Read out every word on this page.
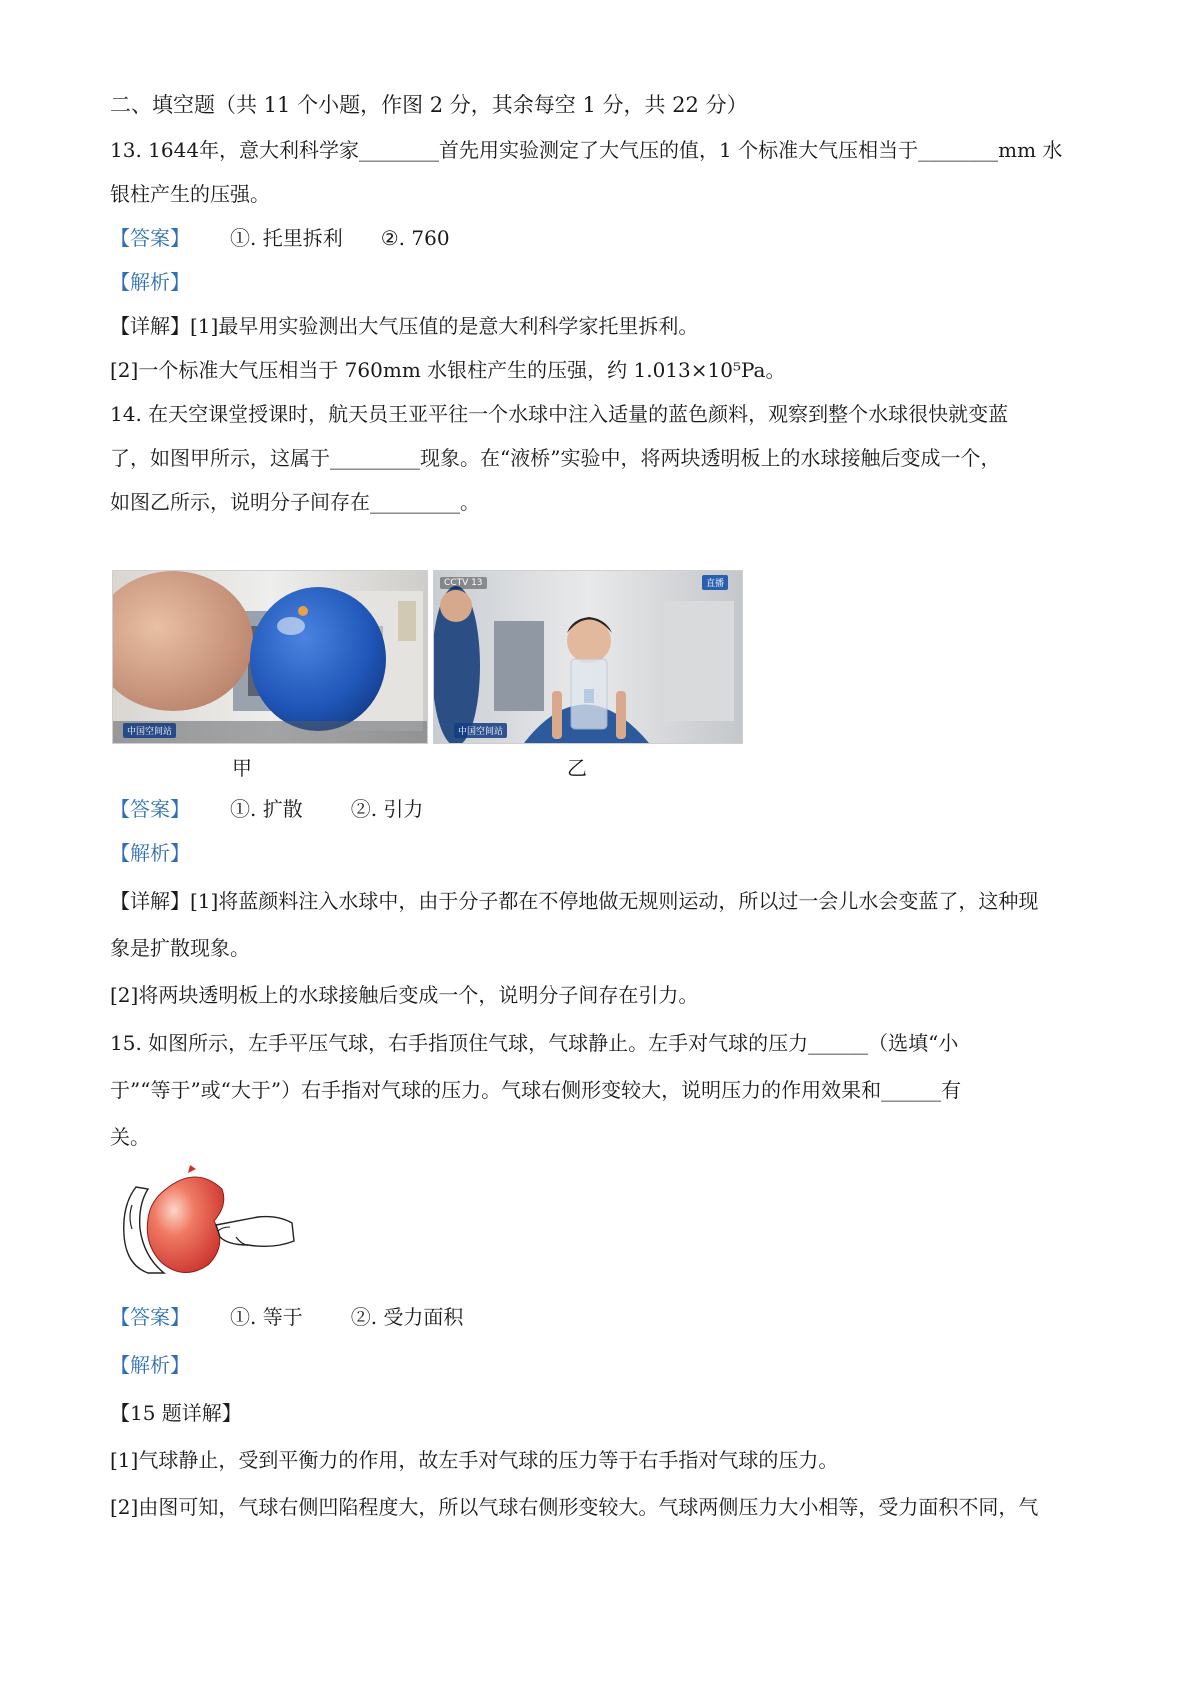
二、填空题（共 11 个小题，作图 2 分，其余每空 1 分，共 22 分）
13. 1644年，意大利科学家________首先用实验测定了大气压的值，1 个标准大气压相当于________mm 水
银柱产生的压强。
【答案】 ①. 托里拆利 ②. 760
【解析】
【详解】[1]最早用实验测出大气压值的是意大利科学家托里拆利。
[2]一个标准大气压相当于 760mm 水银柱产生的压强，约 1.013×10⁵Pa。
14. 在天空课堂授课时，航天员王亚平往一个水球中注入适量的蓝色颜料，观察到整个水球很快就变蓝
了，如图甲所示，这属于_________现象。在“液桥”实验中，将两块透明板上的水球接触后变成一个，
如图乙所示，说明分子间存在_________。
中国空间站
CCTV 13	直播
中国空间站
甲	乙
【答案】 ①. 扩散 ②. 引力
【解析】
【详解】[1]将蓝颜料注入水球中，由于分子都在不停地做无规则运动，所以过一会儿水会变蓝了，这种现
象是扩散现象。
[2]将两块透明板上的水球接触后变成一个，说明分子间存在引力。
15. 如图所示，左手平压气球，右手指顶住气球，气球静止。左手对气球的压力______（选填“小
于”“等于”或“大于”）右手指对气球的压力。气球右侧形变较大，说明压力的作用效果和______有
关。
【答案】 ①. 等于 ②. 受力面积
【解析】
【15 题详解】
[1]气球静止，受到平衡力的作用，故左手对气球的压力等于右手指对气球的压力。
[2]由图可知，气球右侧凹陷程度大，所以气球右侧形变较大。气球两侧压力大小相等，受力面积不同，气
